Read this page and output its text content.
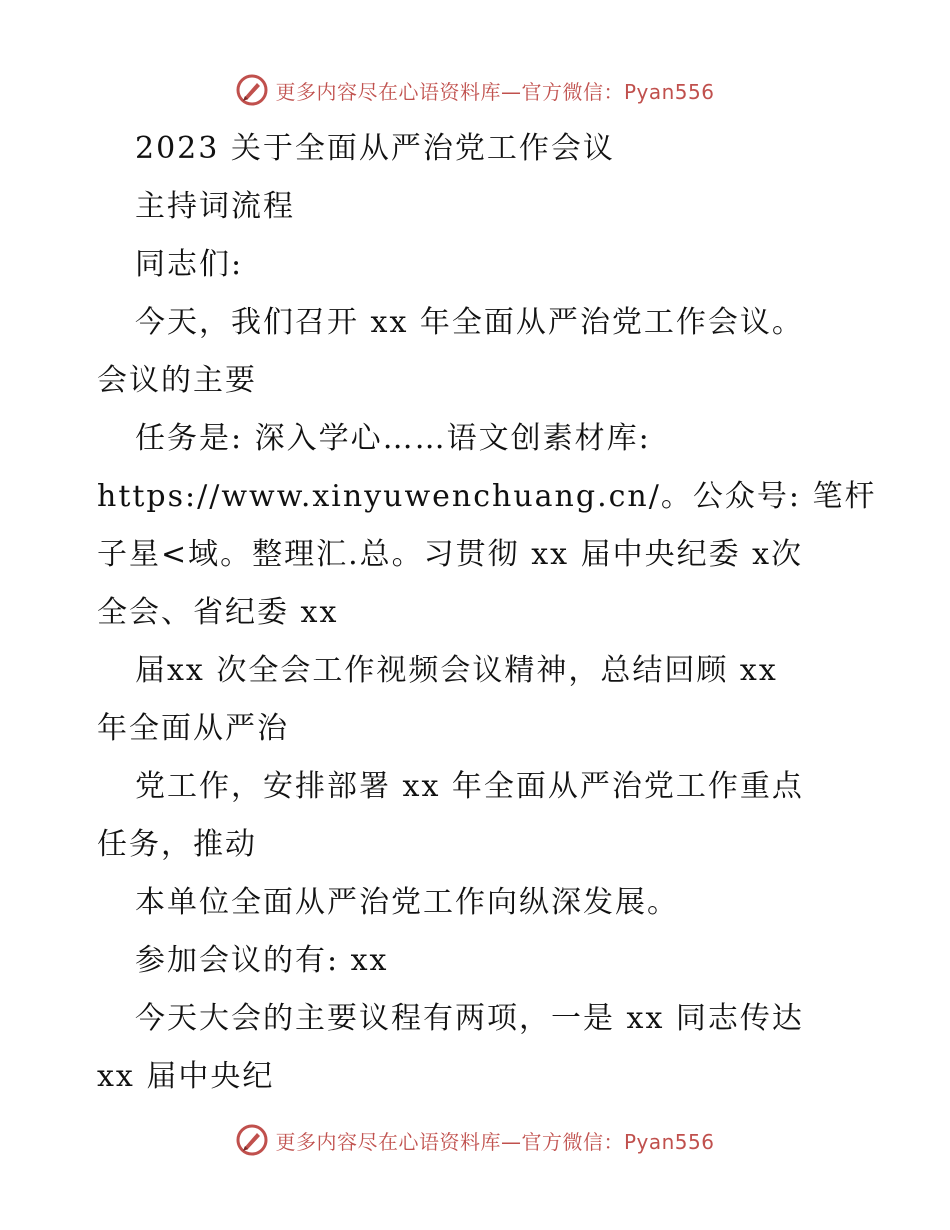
更多内容尽在心语资料库—官方微信：Pyan556
2023 关于全面从严治党工作会议
主持词流程
同志们:
今天，我们召开 xx 年全面从严治党工作会议。
会议的主要
任务是: 深入学心……语文创素材库:
https://www.xinyuwenchuang.cn/。公众号: 笔杆
子星<域。整理汇.总。习贯彻 xx 届中央纪委 x次
全会、省纪委 xx
届xx 次全会工作视频会议精神，总结回顾 xx
年全面从严治
党工作，安排部署 xx 年全面从严治党工作重点
任务，推动
本单位全面从严治党工作向纵深发展。
参加会议的有: xx
今天大会的主要议程有两项，一是 xx 同志传达
xx 届中央纪
更多内容尽在心语资料库—官方微信：Pyan556
